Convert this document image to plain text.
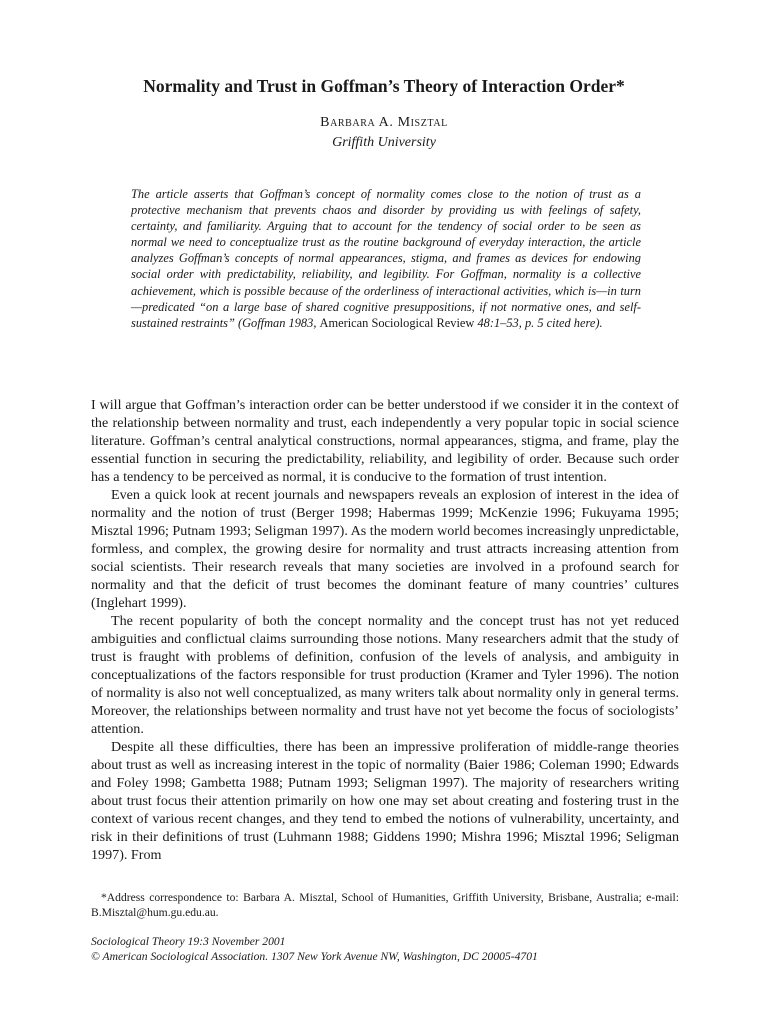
Normality and Trust in Goffman’s Theory of Interaction Order*
Barbara A. Misztal
Griffith University
The article asserts that Goffman’s concept of normality comes close to the notion of trust as a protective mechanism that prevents chaos and disorder by providing us with feelings of safety, certainty, and familiarity. Arguing that to account for the tendency of social order to be seen as normal we need to conceptualize trust as the routine background of everyday interaction, the article analyzes Goffman’s concepts of normal appearances, stigma, and frames as devices for endowing social order with predictability, reliability, and legibility. For Goffman, normality is a collective achievement, which is possible because of the orderliness of interactional activities, which is—in turn—predicated “on a large base of shared cognitive presuppositions, if not normative ones, and self-sustained restraints” (Goffman 1983, American Sociological Review 48:1–53, p. 5 cited here).

I will argue that Goffman’s interaction order can be better understood if we consider it in the context of the relationship between normality and trust, each independently a very popular topic in social science literature. Goffman’s central analytical constructions, normal appearances, stigma, and frame, play the essential function in securing the predictability, reliability, and legibility of order. Because such order has a tendency to be perceived as normal, it is conducive to the formation of trust intention.

Even a quick look at recent journals and newspapers reveals an explosion of interest in the idea of normality and the notion of trust (Berger 1998; Habermas 1999; McKenzie 1996; Fukuyama 1995; Misztal 1996; Putnam 1993; Seligman 1997). As the modern world becomes increasingly unpredictable, formless, and complex, the growing desire for normality and trust attracts increasing attention from social scientists. Their research reveals that many societies are involved in a profound search for normality and that the deficit of trust becomes the dominant feature of many countries’ cultures (Inglehart 1999).

The recent popularity of both the concept normality and the concept trust has not yet reduced ambiguities and conflictual claims surrounding those notions. Many researchers admit that the study of trust is fraught with problems of definition, confusion of the levels of analysis, and ambiguity in conceptualizations of the factors responsible for trust production (Kramer and Tyler 1996). The notion of normality is also not well conceptualized, as many writers talk about normality only in general terms. Moreover, the relationships between normality and trust have not yet become the focus of sociologists’ attention.

Despite all these difficulties, there has been an impressive proliferation of middle-range theories about trust as well as increasing interest in the topic of normality (Baier 1986; Coleman 1990; Edwards and Foley 1998; Gambetta 1988; Putnam 1993; Seligman 1997). The majority of researchers writing about trust focus their attention primarily on how one may set about creating and fostering trust in the context of various recent changes, and they tend to embed the notions of vulnerability, uncertainty, and risk in their definitions of trust (Luhmann 1988; Giddens 1990; Mishra 1996; Misztal 1996; Seligman 1997). From

*Address correspondence to: Barbara A. Misztal, School of Humanities, Griffith University, Brisbane, Australia; e-mail: B.Misztal@hum.gu.edu.au.
Sociological Theory 19:3 November 2001
© American Sociological Association. 1307 New York Avenue NW, Washington, DC 20005-4701
